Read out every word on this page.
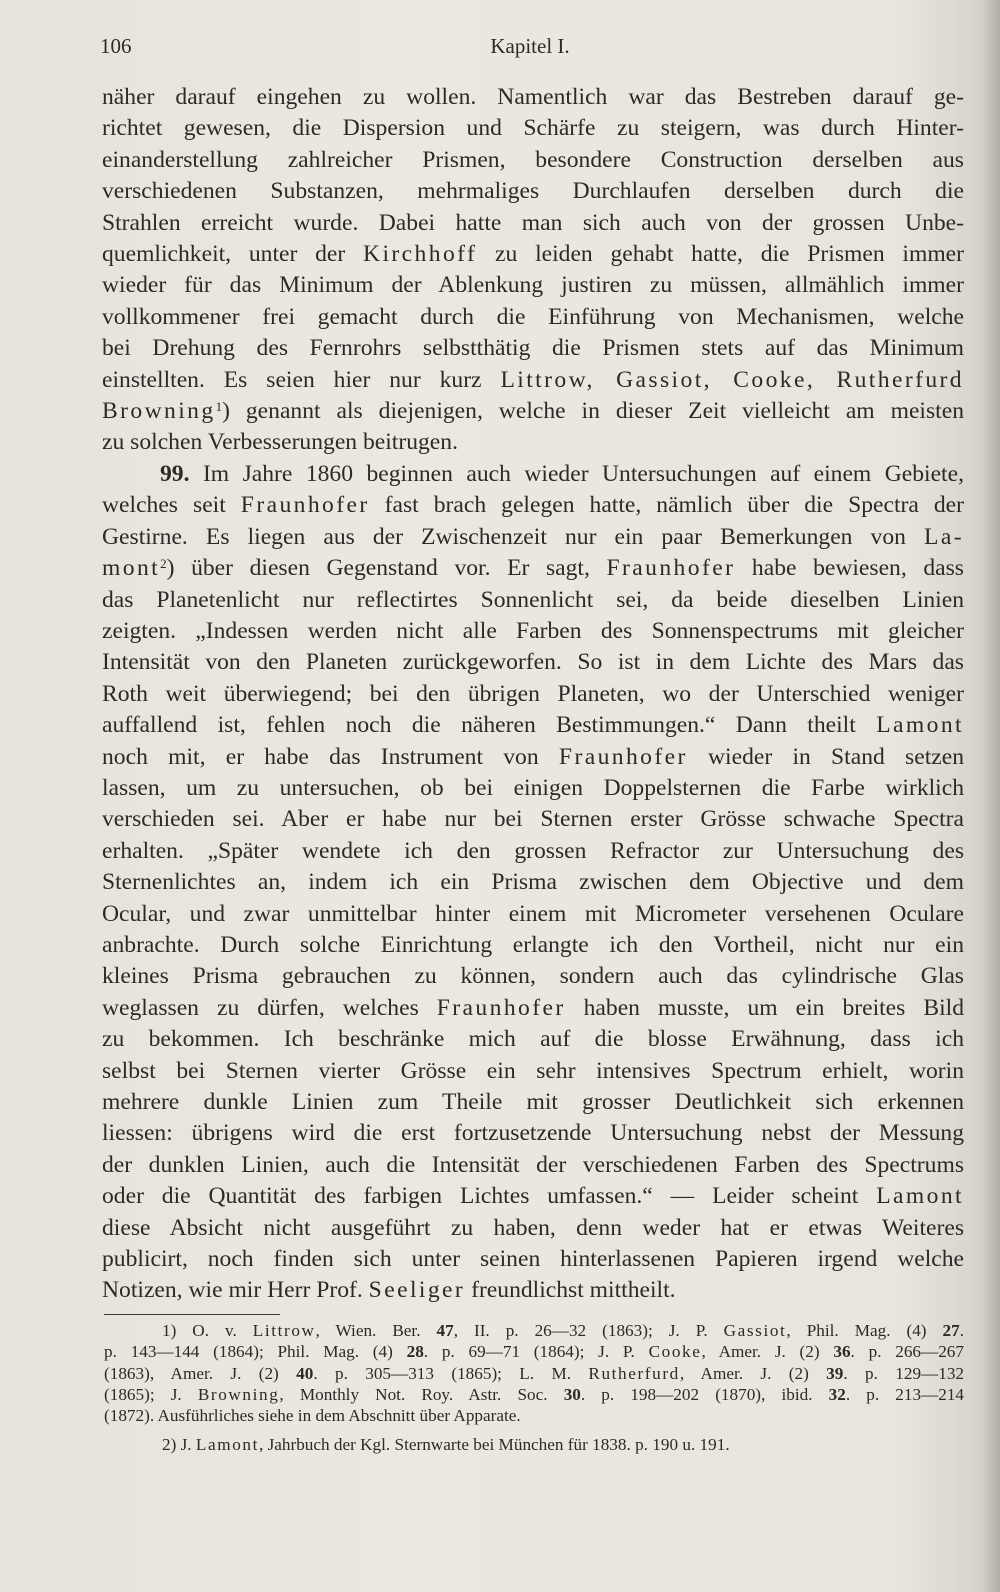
106	Kapitel I.
näher darauf eingehen zu wollen. Namentlich war das Bestreben darauf ge-
richtet gewesen, die Dispersion und Schärfe zu steigern, was durch Hinter-
einanderstellung zahlreicher Prismen, besondere Construction derselben aus
verschiedenen Substanzen, mehrmaliges Durchlaufen derselben durch die
Strahlen erreicht wurde. Dabei hatte man sich auch von der grossen Unbe-
quemlichkeit, unter der Kirchhoff zu leiden gehabt hatte, die Prismen immer
wieder für das Minimum der Ablenkung justiren zu müssen, allmählich immer
vollkommener frei gemacht durch die Einführung von Mechanismen, welche
bei Drehung des Fernrohrs selbstthätig die Prismen stets auf das Minimum
einstellten. Es seien hier nur kurz Littrow, Gassiot, Cooke, Rutherfurd
Browning$^1$) genannt als diejenigen, welche in dieser Zeit vielleicht am meisten
zu solchen Verbesserungen beitrugen.
99. Im Jahre 1860 beginnen auch wieder Untersuchungen auf einem Gebiete,
welches seit Fraunhofer fast brach gelegen hatte, nämlich über die Spectra der
Gestirne. Es liegen aus der Zwischenzeit nur ein paar Bemerkungen von La-
mont$^2$) über diesen Gegenstand vor. Er sagt, Fraunhofer habe bewiesen, dass
das Planetenlicht nur reflectirtes Sonnenlicht sei, da beide dieselben Linien
zeigten. „Indessen werden nicht alle Farben des Sonnenspectrums mit gleicher
Intensität von den Planeten zurückgeworfen. So ist in dem Lichte des Mars das
Roth weit überwiegend; bei den übrigen Planeten, wo der Unterschied weniger
auffallend ist, fehlen noch die näheren Bestimmungen.“ Dann theilt Lamont
noch mit, er habe das Instrument von Fraunhofer wieder in Stand setzen
lassen, um zu untersuchen, ob bei einigen Doppelsternen die Farbe wirklich
verschieden sei. Aber er habe nur bei Sternen erster Grösse schwache Spectra
erhalten. „Später wendete ich den grossen Refractor zur Untersuchung des
Sternenlichtes an, indem ich ein Prisma zwischen dem Objective und dem
Ocular, und zwar unmittelbar hinter einem mit Micrometer versehenen Oculare
anbrachte. Durch solche Einrichtung erlangte ich den Vortheil, nicht nur ein
kleines Prisma gebrauchen zu können, sondern auch das cylindrische Glas
weglassen zu dürfen, welches Fraunhofer haben musste, um ein breites Bild
zu bekommen. Ich beschränke mich auf die blosse Erwähnung, dass ich
selbst bei Sternen vierter Grösse ein sehr intensives Spectrum erhielt, worin
mehrere dunkle Linien zum Theile mit grosser Deutlichkeit sich erkennen
liessen: übrigens wird die erst fortzusetzende Untersuchung nebst der Messung
der dunklen Linien, auch die Intensität der verschiedenen Farben des Spectrums
oder die Quantität des farbigen Lichtes umfassen.“ — Leider scheint Lamont
diese Absicht nicht ausgeführt zu haben, denn weder hat er etwas Weiteres
publicirt, noch finden sich unter seinen hinterlassenen Papieren irgend welche
Notizen, wie mir Herr Prof. Seeliger freundlichst mittheilt.
1) O. v. Littrow, Wien. Ber. 47, II. p. 26—32 (1863); J. P. Gassiot, Phil. Mag. (4) 27.
p. 143—144 (1864); Phil. Mag. (4) 28. p. 69—71 (1864); J. P. Cooke, Amer. J. (2) 36. p. 266—267
(1863), Amer. J. (2) 40. p. 305—313 (1865); L. M. Rutherfurd, Amer. J. (2) 39. p. 129—132
(1865); J. Browning, Monthly Not. Roy. Astr. Soc. 30. p. 198—202 (1870), ibid. 32. p. 213—214
(1872). Ausführliches siehe in dem Abschnitt über Apparate.
2) J. Lamont, Jahrbuch der Kgl. Sternwarte bei München für 1838. p. 190 u. 191.
